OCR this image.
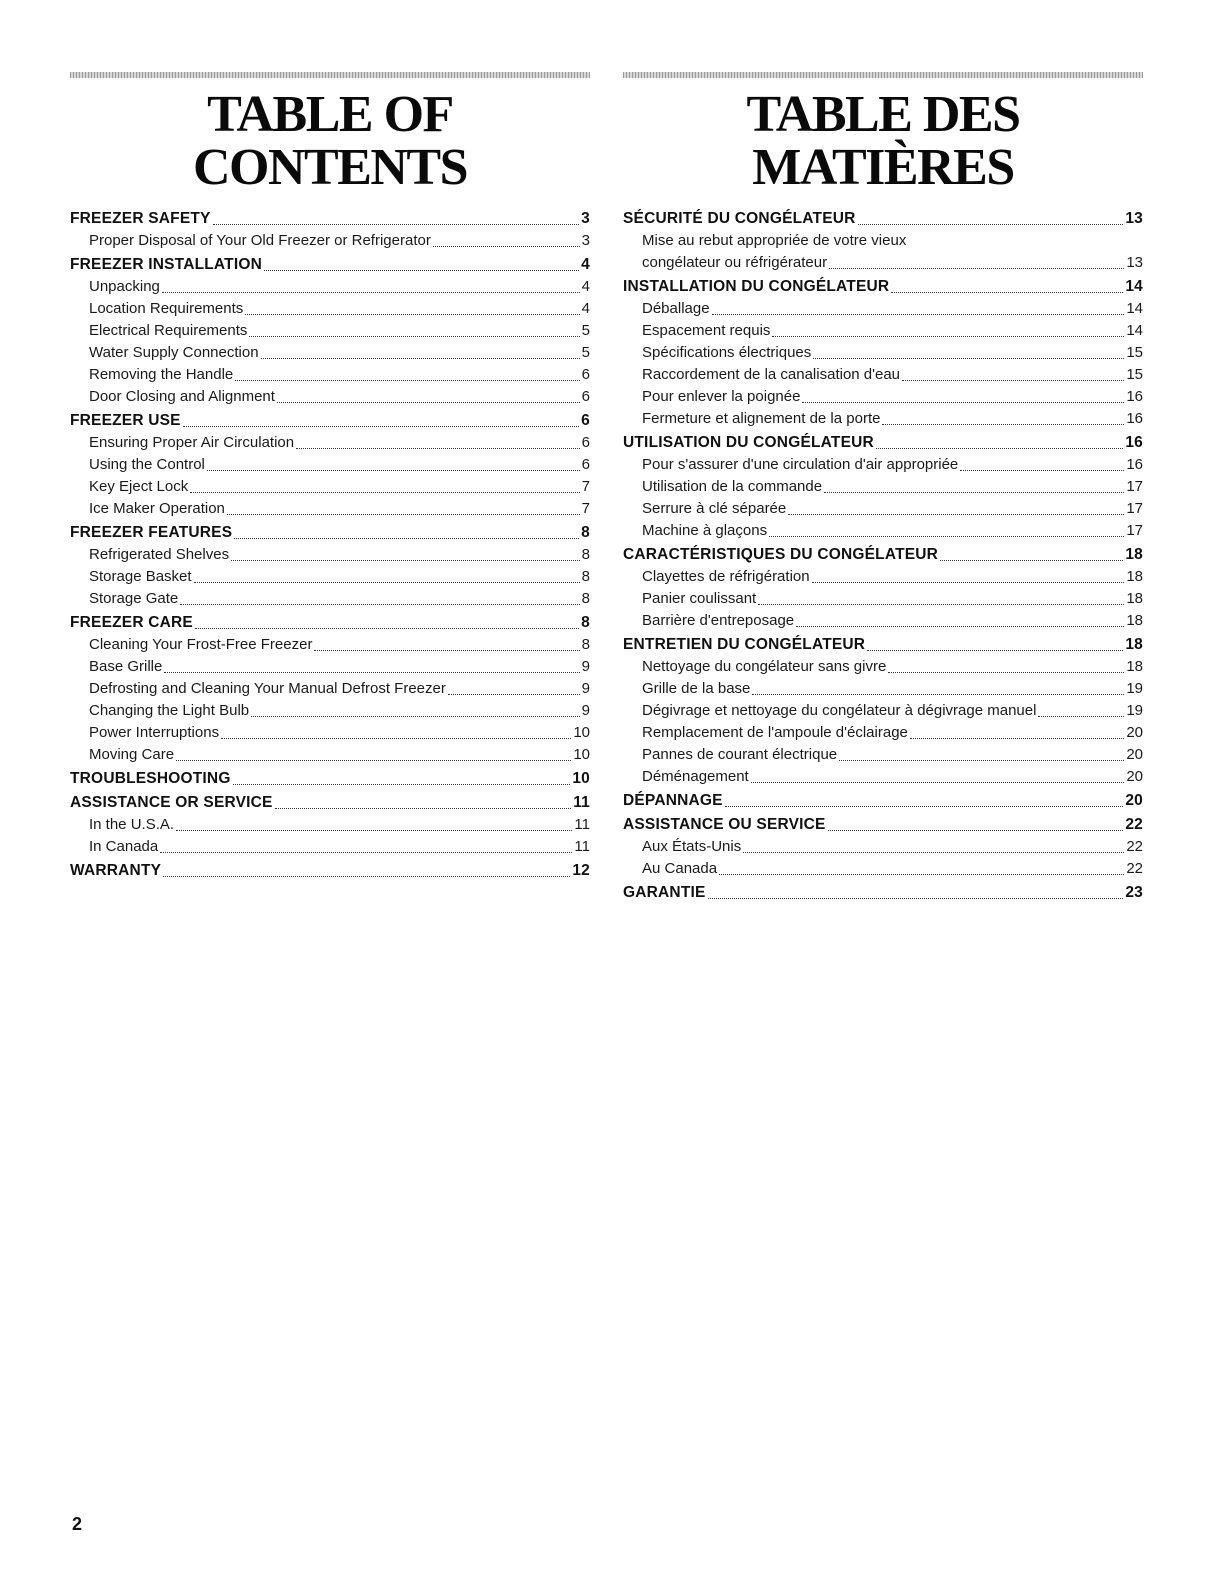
TABLE OF CONTENTS
FREEZER SAFETY	3
Proper Disposal of Your Old Freezer or Refrigerator	3
FREEZER INSTALLATION	4
Unpacking	4
Location Requirements	4
Electrical Requirements	5
Water Supply Connection	5
Removing the Handle	6
Door Closing and Alignment	6
FREEZER USE	6
Ensuring Proper Air Circulation	6
Using the Control	6
Key Eject Lock	7
Ice Maker Operation	7
FREEZER FEATURES	8
Refrigerated Shelves	8
Storage Basket	8
Storage Gate	8
FREEZER CARE	8
Cleaning Your Frost-Free Freezer	8
Base Grille	9
Defrosting and Cleaning Your Manual Defrost Freezer	9
Changing the Light Bulb	9
Power Interruptions	10
Moving Care	10
TROUBLESHOOTING	10
ASSISTANCE OR SERVICE	11
In the U.S.A.	11
In Canada	11
WARRANTY	12
TABLE DES MATIÈRES
SÉCURITÉ DU CONGÉLATEUR	13
Mise au rebut appropriée de votre vieux
congélateur ou réfrigérateur	13
INSTALLATION DU CONGÉLATEUR	14
Déballage	14
Espacement requis	14
Spécifications électriques	15
Raccordement de la canalisation d'eau	15
Pour enlever la poignée	16
Fermeture et alignement de la porte	16
UTILISATION DU CONGÉLATEUR	16
Pour s'assurer d'une circulation d'air appropriée	16
Utilisation de la commande	17
Serrure à clé séparée	17
Machine à glaçons	17
CARACTÉRISTIQUES DU CONGÉLATEUR	18
Clayettes de réfrigération	18
Panier coulissant	18
Barrière d'entreposage	18
ENTRETIEN DU CONGÉLATEUR	18
Nettoyage du congélateur sans givre	18
Grille de la base	19
Dégivrage et nettoyage du congélateur à dégivrage manuel	19
Remplacement de l'ampoule d'éclairage	20
Pannes de courant électrique	20
Déménagement	20
DÉPANNAGE	20
ASSISTANCE OU SERVICE	22
Aux États-Unis	22
Au Canada	22
GARANTIE	23
2
